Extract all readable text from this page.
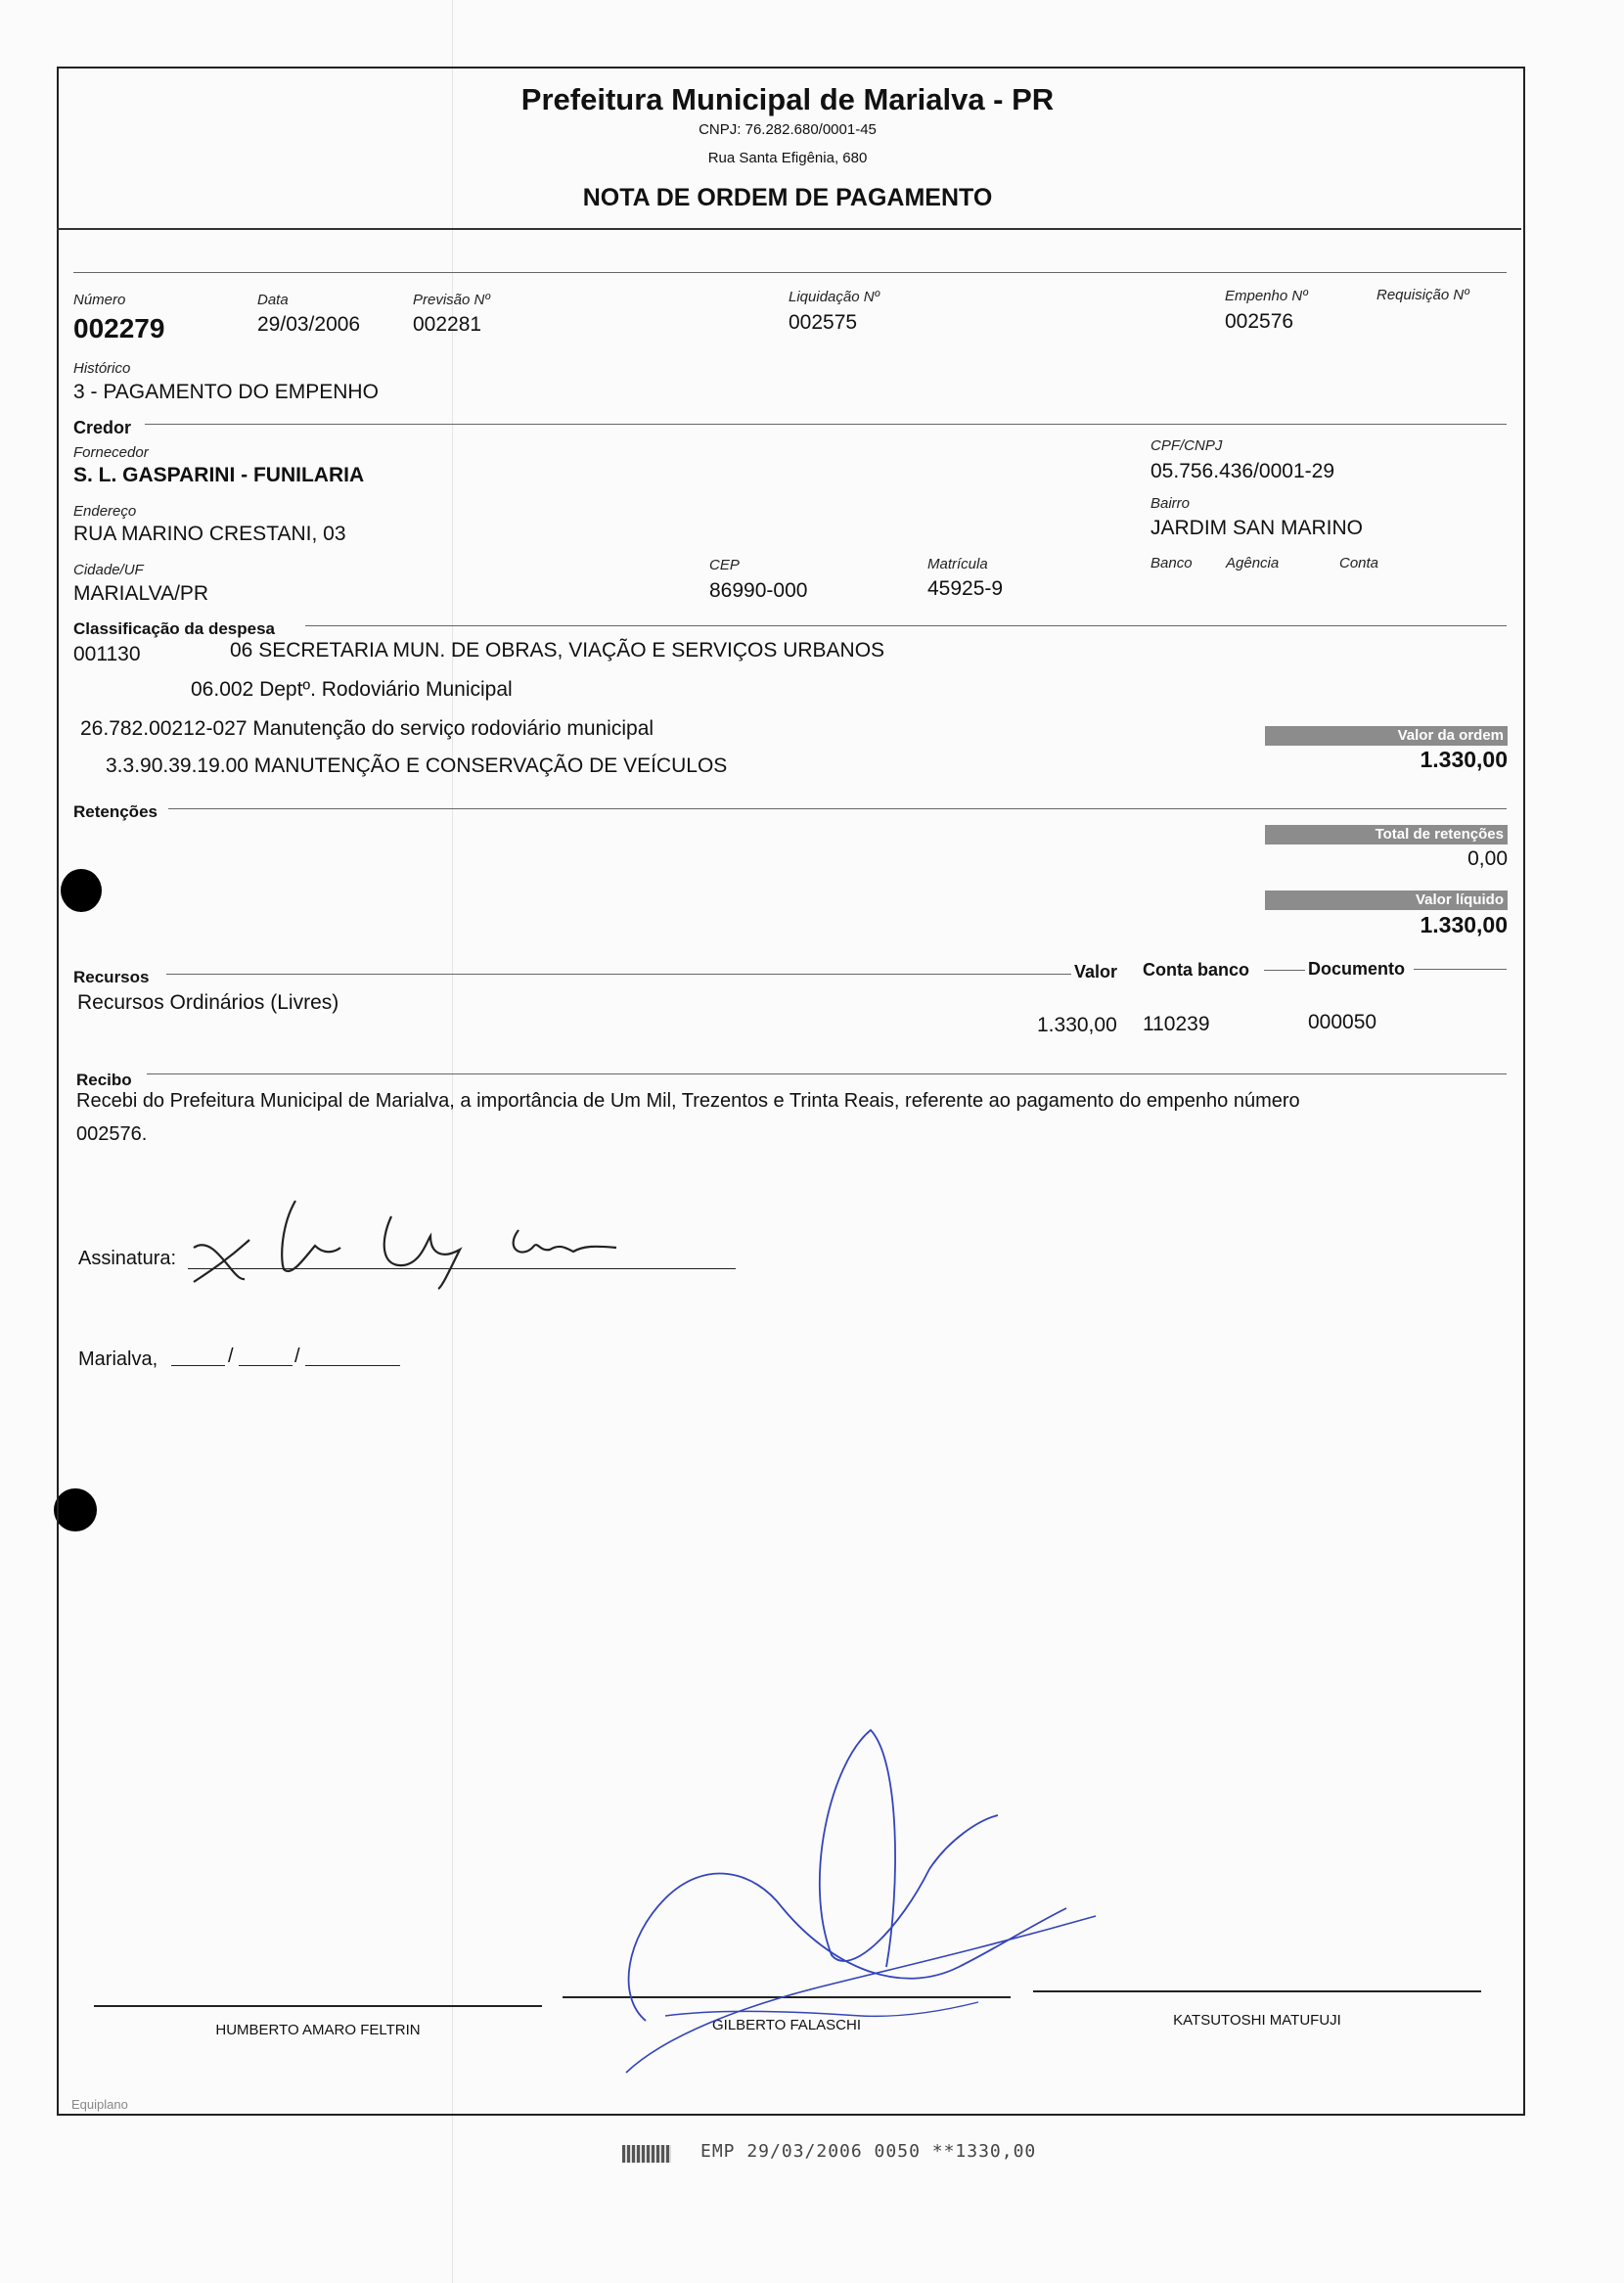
Prefeitura Municipal de Marialva - PR
CNPJ: 76.282.680/0001-45
Rua Santa Efigênia, 680
NOTA DE ORDEM DE PAGAMENTO
Número
002279
Data
29/03/2006
Previsão Nº
002281
Liquidação Nº
002575
Empenho Nº
002576
Requisição Nº
Histórico
3 - PAGAMENTO DO EMPENHO
Credor
Fornecedor
S. L. GASPARINI - FUNILARIA
CPF/CNPJ
05.756.436/0001-29
Endereço
RUA MARINO CRESTANI, 03
Bairro
JARDIM SAN MARINO
Cidade/UF
MARIALVA/PR
CEP
86990-000
Matrícula
45925-9
Banco Agência	Conta
Classificação da despesa
001130	06 SECRETARIA MUN. DE OBRAS, VIAÇÃO E SERVIÇOS URBANOS
06.002 Deptº. Rodoviário Municipal
26.782.00212-027 Manutenção do serviço rodoviário municipal
3.3.90.39.19.00 MANUTENÇÃO E CONSERVAÇÃO DE VEÍCULOS
Valor da ordem
1.330,00
Retenções
Total de retenções
0,00
Valor líquido
1.330,00
Recursos	Valor Conta banco	Documento
Recursos Ordinários (Livres)
1.330,00 110239	000050
Recibo
Recebi do Prefeitura Municipal de Marialva, a importância de Um Mil, Trezentos e Trinta Reais, referente ao pagamento do empenho número
002576.
Assinatura:
Marialva,	/	/
HUMBERTO AMARO FELTRIN	GILBERTO FALASCHI	KATSUTOSHI MATUFUJI
Equiplano
EMP 29/03/2006 0050 **1330,00
